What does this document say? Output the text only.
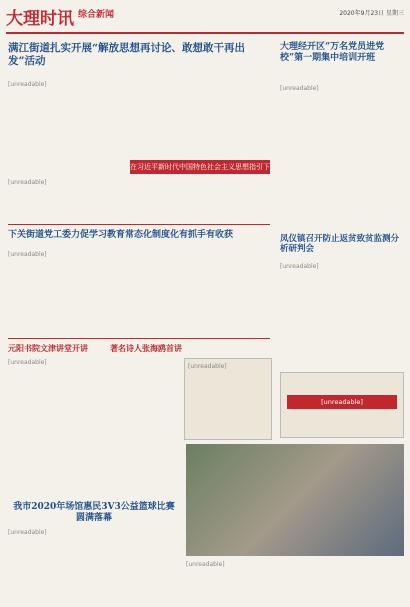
大理时讯 综合新闻	2020年9月23日 星期三
满江街道扎实开展“解放思想再讨论、敢想敢干再出发”活动
[unreadable]
在习近平新时代中国特色社会主义思想指引下
[unreadable]
大理经开区“万名党员进党校”第一期集中培训开班
[unreadable]
下关街道党工委力促学习教育常态化制度化有抓手有收获
[unreadable]
凤仪镇召开防止返贫致贫监测分析研判会
[unreadable]
元阳书院文津讲堂开讲	著名诗人张海鸥首讲
[unreadable]
[unreadable]
[unreadable]
[unreadable]
我市2020年场馆惠民3V3公益篮球比赛圆满落幕
[unreadable]
